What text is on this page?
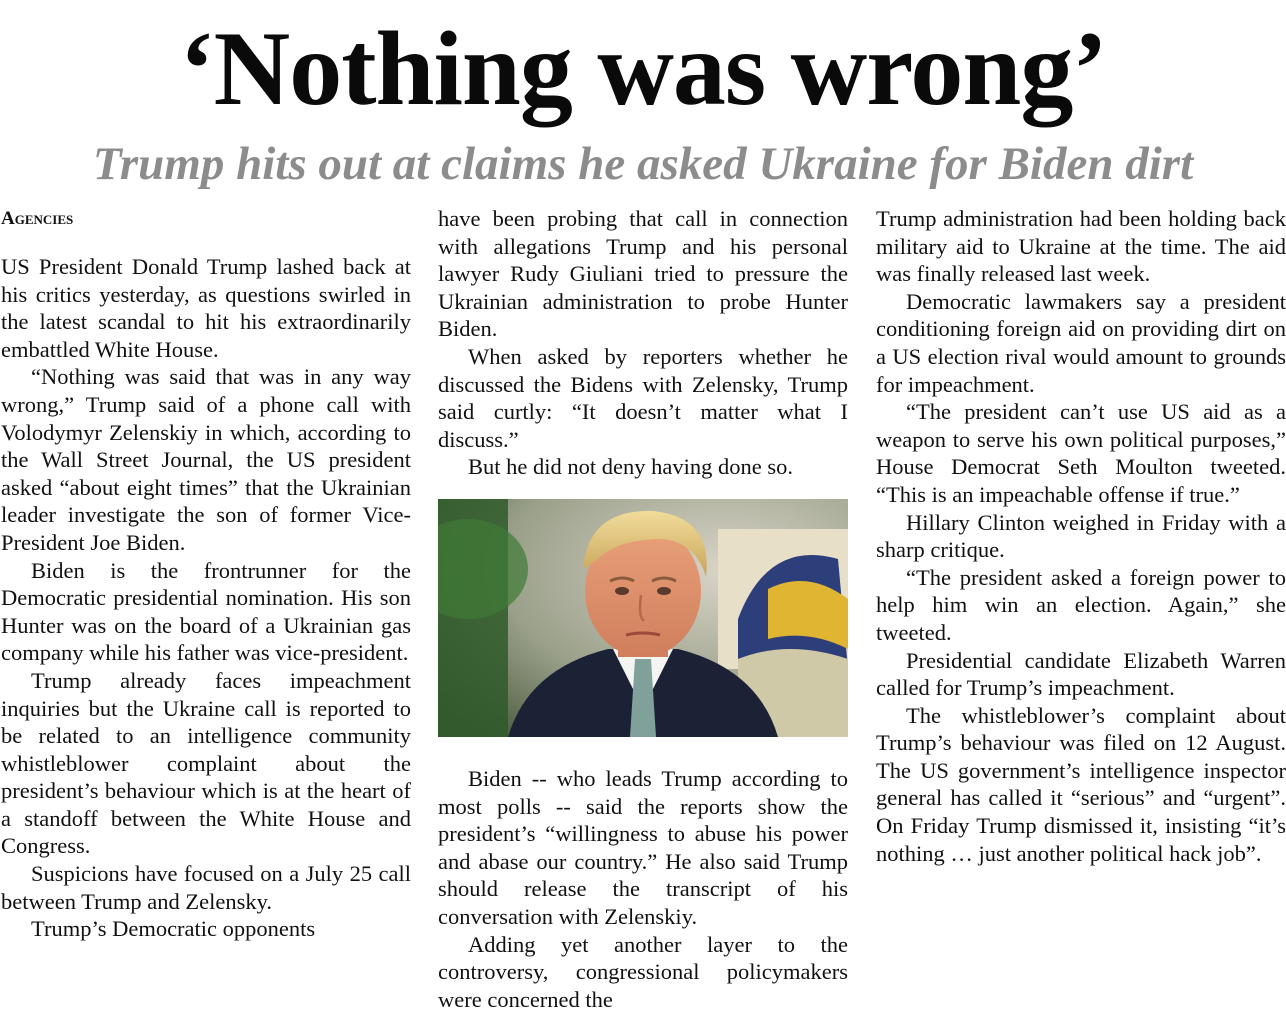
‘Nothing was wrong’
Trump hits out at claims he asked Ukraine for Biden dirt
Agencies

US President Donald Trump lashed back at his critics yesterday, as questions swirled in the latest scandal to hit his extraordinarily embattled White House.

“Nothing was said that was in any way wrong,” Trump said of a phone call with Volodymyr Zelenskiy in which, according to the Wall Street Journal, the US president asked “about eight times” that the Ukrainian leader investigate the son of former Vice-President Joe Biden.

Biden is the frontrunner for the Democratic presidential nomination. His son Hunter was on the board of a Ukrainian gas company while his father was vice-president.

Trump already faces impeachment inquiries but the Ukraine call is reported to be related to an intelligence community whistleblower complaint about the president’s behaviour which is at the heart of a standoff between the White House and Congress.

Suspicions have focused on a July 25 call between Trump and Zelensky.

Trump’s Democratic opponents

have been probing that call in connection with allegations Trump and his personal lawyer Rudy Giuliani tried to pressure the Ukrainian administration to probe Hunter Biden.

When asked by reporters whether he discussed the Bidens with Zelensky, Trump said curtly: “It doesn’t matter what I discuss.”

But he did not deny having done so.

Biden -- who leads Trump according to most polls -- said the reports show the president’s “willingness to abuse his power and abase our country.” He also said Trump should release the transcript of his conversation with Zelenskiy.

Adding yet another layer to the controversy, congressional policymakers were concerned the

Trump administration had been holding back military aid to Ukraine at the time. The aid was finally released last week.

Democratic lawmakers say a president conditioning foreign aid on providing dirt on a US election rival would amount to grounds for impeachment.

“The president can’t use US aid as a weapon to serve his own political purposes,” House Democrat Seth Moulton tweeted. “This is an impeachable offense if true.”

Hillary Clinton weighed in Friday with a sharp critique.

“The president asked a foreign power to help him win an election. Again,” she tweeted.

Presidential candidate Elizabeth Warren called for Trump’s impeachment.

The whistleblower’s complaint about Trump’s behaviour was filed on 12 August. The US government’s intelligence inspector general has called it “serious” and “urgent”. On Friday Trump dismissed it, insisting “it’s nothing … just another political hack job”.
